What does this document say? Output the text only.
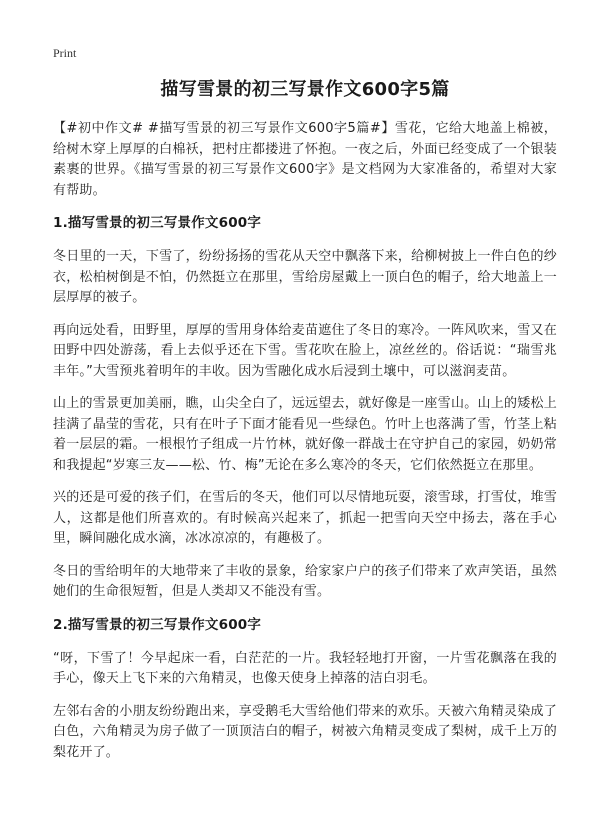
Print
描写雪景的初三写景作文600字5篇

【#初中作文# #描写雪景的初三写景作文600字5篇#】雪花，它给大地盖上棉被，给树木穿上厚厚的白棉袄，把村庄都搂进了怀抱。一夜之后，外面已经变成了一个银装素裹的世界。《描写雪景的初三写景作文600字》是文档网为大家准备的，希望对大家有帮助。

1.描写雪景的初三写景作文600字

冬日里的一天，下雪了，纷纷扬扬的雪花从天空中飘落下来，给柳树披上一件白色的纱衣，松柏树倒是不怕，仍然挺立在那里，雪给房屋戴上一顶白色的帽子，给大地盖上一层厚厚的被子。

再向远处看，田野里，厚厚的雪用身体给麦苗遮住了冬日的寒冷。一阵风吹来，雪又在田野中四处游荡，看上去似乎还在下雪。雪花吹在脸上，凉丝丝的。俗话说：“瑞雪兆丰年。”大雪预兆着明年的丰收。因为雪融化成水后浸到土壤中，可以滋润麦苗。

山上的雪景更加美丽，瞧，山尖全白了，远远望去，就好像是一座雪山。山上的矮松上挂满了晶莹的雪花，只有在叶子下面才能看见一些绿色。竹叶上也落满了雪，竹茎上粘着一层层的霜。一根根竹子组成一片竹林，就好像一群战士在守护自己的家园，奶奶常和我提起“岁寒三友——松、竹、梅”无论在多么寒冷的冬天，它们依然挺立在那里。

兴的还是可爱的孩子们，在雪后的冬天，他们可以尽情地玩耍，滚雪球，打雪仗，堆雪人，这都是他们所喜欢的。有时候高兴起来了，抓起一把雪向天空中扬去，落在手心里，瞬间融化成水滴，冰冰凉凉的，有趣极了。

冬日的雪给明年的大地带来了丰收的景象，给家家户户的孩子们带来了欢声笑语，虽然她们的生命很短暂，但是人类却又不能没有雪。

2.描写雪景的初三写景作文600字

“呀，下雪了！今早起床一看，白茫茫的一片。我轻轻地打开窗，一片雪花飘落在我的手心，像天上飞下来的六角精灵，也像天使身上掉落的洁白羽毛。

左邻右舍的小朋友纷纷跑出来，享受鹅毛大雪给他们带来的欢乐。天被六角精灵染成了白色，六角精灵为房子做了一顶顶洁白的帽子，树被六角精灵变成了梨树，成千上万的梨花开了。
